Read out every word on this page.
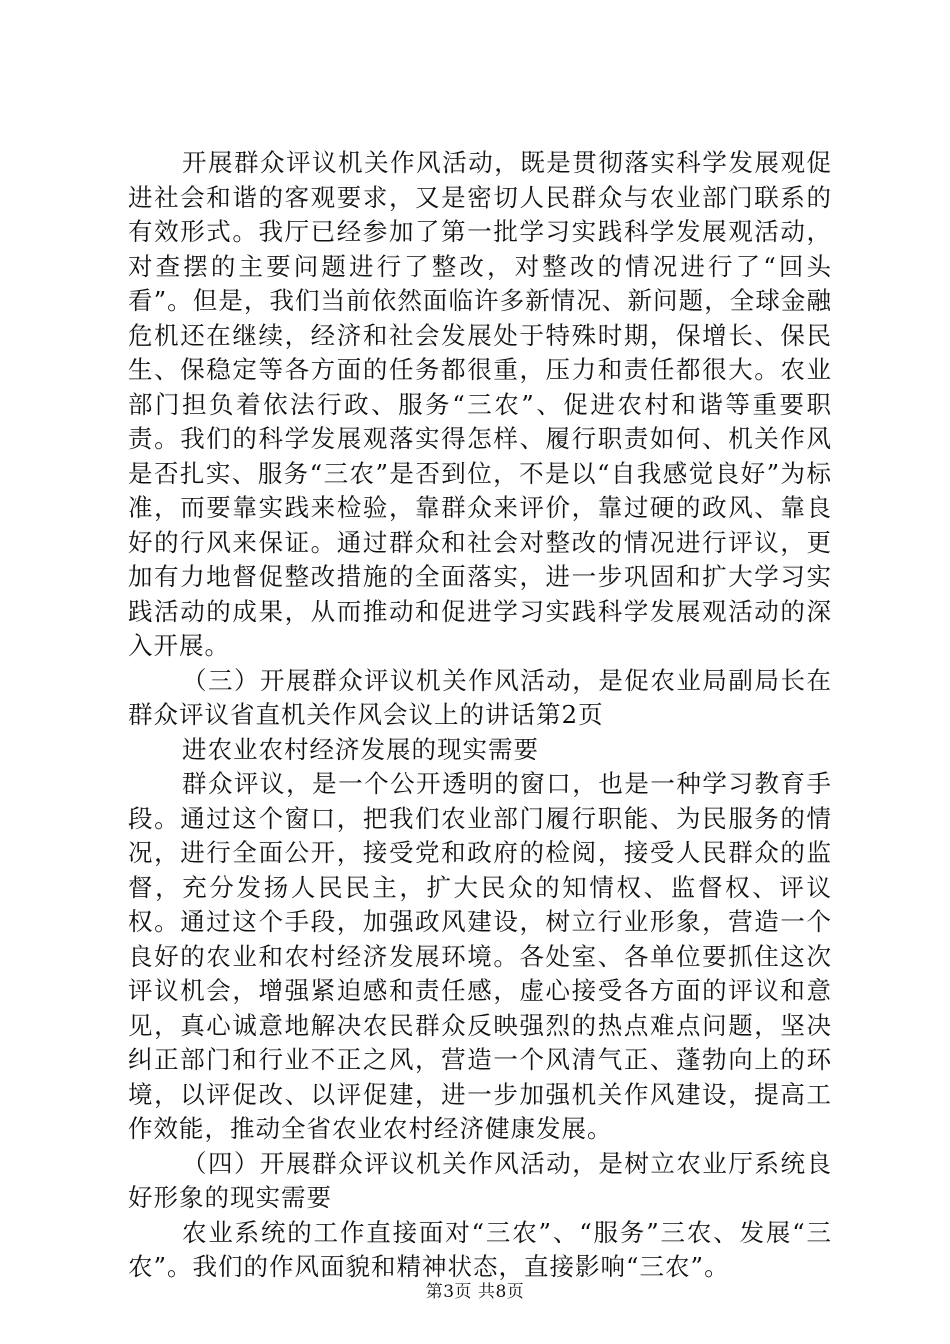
开展群众评议机关作风活动，既是贯彻落实科学发展观促进社会和谐的客观要求，又是密切人民群众与农业部门联系的有效形式。我厅已经参加了第一批学习实践科学发展观活动，对查摆的主要问题进行了整改，对整改的情况进行了“回头看”。但是，我们当前依然面临许多新情况、新问题，全球金融危机还在继续，经济和社会发展处于特殊时期，保增长、保民生、保稳定等各方面的任务都很重，压力和责任都很大。农业部门担负着依法行政、服务“三农”、促进农村和谐等重要职责。我们的科学发展观落实得怎样、履行职责如何、机关作风是否扎实、服务“三农”是否到位，不是以“自我感觉良好”为标准，而要靠实践来检验，靠群众来评价，靠过硬的政风、靠良好的行风来保证。通过群众和社会对整改的情况进行评议，更加有力地督促整改措施的全面落实，进一步巩固和扩大学习实践活动的成果，从而推动和促进学习实践科学发展观活动的深入开展。

（三）开展群众评议机关作风活动，是促农业局副局长在群众评议省直机关作风会议上的讲话第2页

进农业农村经济发展的现实需要

群众评议，是一个公开透明的窗口，也是一种学习教育手段。通过这个窗口，把我们农业部门履行职能、为民服务的情况，进行全面公开，接受党和政府的检阅，接受人民群众的监督，充分发扬人民民主，扩大民众的知情权、监督权、评议权。通过这个手段，加强政风建设，树立行业形象，营造一个良好的农业和农村经济发展环境。各处室、各单位要抓住这次评议机会，增强紧迫感和责任感，虚心接受各方面的评议和意见，真心诚意地解决农民群众反映强烈的热点难点问题，坚决纠正部门和行业不正之风，营造一个风清气正、蓬勃向上的环境，以评促改、以评促建，进一步加强机关作风建设，提高工作效能，推动全省农业农村经济健康发展。

（四）开展群众评议机关作风活动，是树立农业厅系统良好形象的现实需要

农业系统的工作直接面对“三农”、“服务”三农、发展“三农”。我们的作风面貌和精神状态，直接影响“三农”。

第3页 共8页
